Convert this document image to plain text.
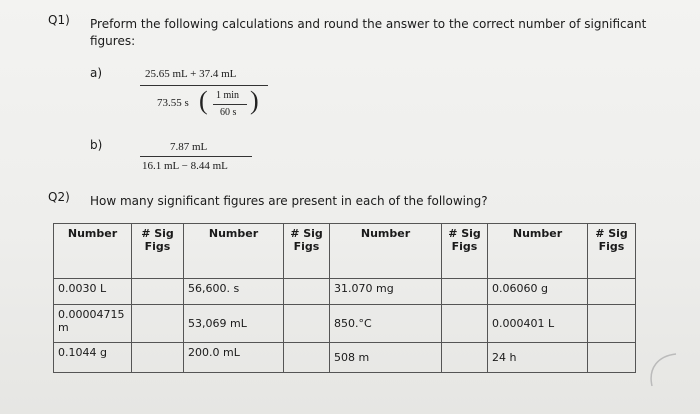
Q1) Preform the following calculations and round the answer to the correct number of significant
figures:
a)	25.65 mL + 37.4 mL
73.55 s ( 1 min
60 s )
b)	7.87 mL
16.1 mL − 8.44 mL
Q2) How many significant figures are present in each of the following?
Number	# Sig Figs	Number	# Sig Figs	Number	# Sig Figs	Number	# Sig Figs
0.0030 L		56,600. s		31.070 mg		0.06060 g	
0.00004715 m		53,069 mL		850.°C		0.000401 L	
0.1044 g		200.0 mL		508 m		24 h	
